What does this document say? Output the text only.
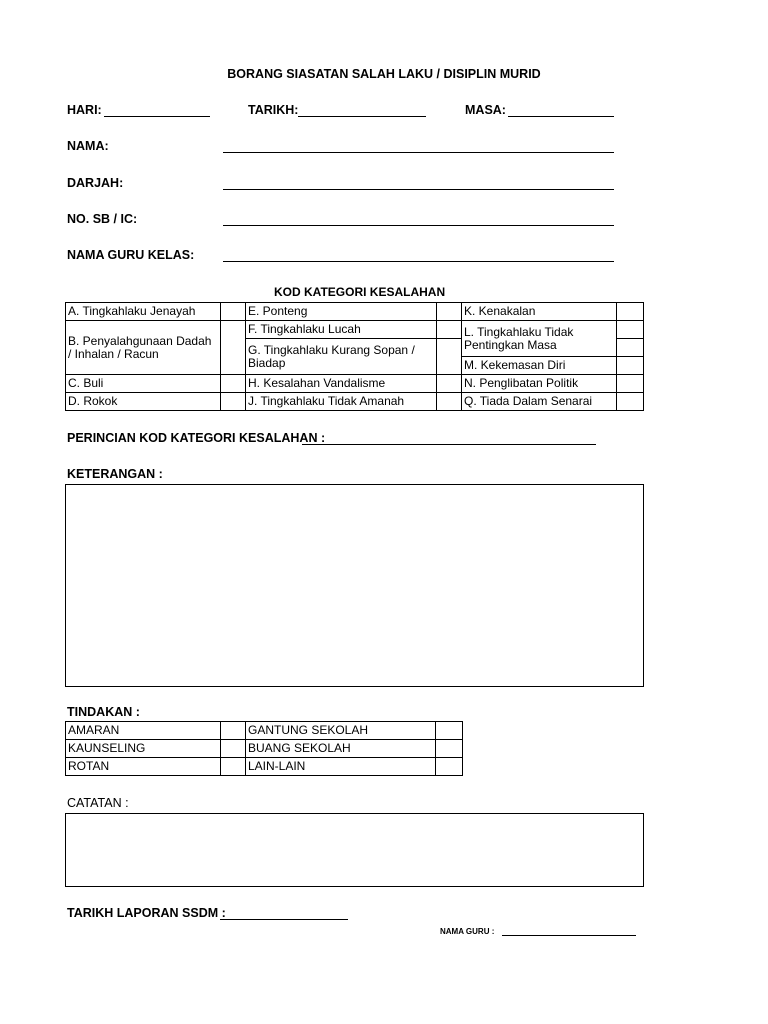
BORANG SIASATAN SALAH LAKU / DISIPLIN MURID
HARI:	TARIKH:	MASA:
NAMA:
DARJAH:
NO. SB / IC:
NAMA GURU KELAS:
KOD KATEGORI KESALAHAN
A. Tingkahlaku Jenayah		E. Ponteng		K. Kenakalan	
B. Penyalahgunaan Dadah / Inhalan / Racun		F. Tingkahlaku Lucah		L. Tingkahlaku Tidak Pentingkan Masa	
		G. Tingkahlaku Kurang Sopan / Biadap			
				M. Kekemasan Diri	
C. Buli		H. Kesalahan Vandalisme		N. Penglibatan Politik	
D. Rokok		J. Tingkahlaku Tidak Amanah		Q. Tiada Dalam Senarai	
PERINCIAN KOD KATEGORI KESALAHAN :
KETERANGAN :
TINDAKAN :
AMARAN		GANTUNG SEKOLAH	
KAUNSELING		BUANG SEKOLAH	
ROTAN		LAIN-LAIN	
CATATAN :
TARIKH LAPORAN SSDM :
NAMA GURU :
